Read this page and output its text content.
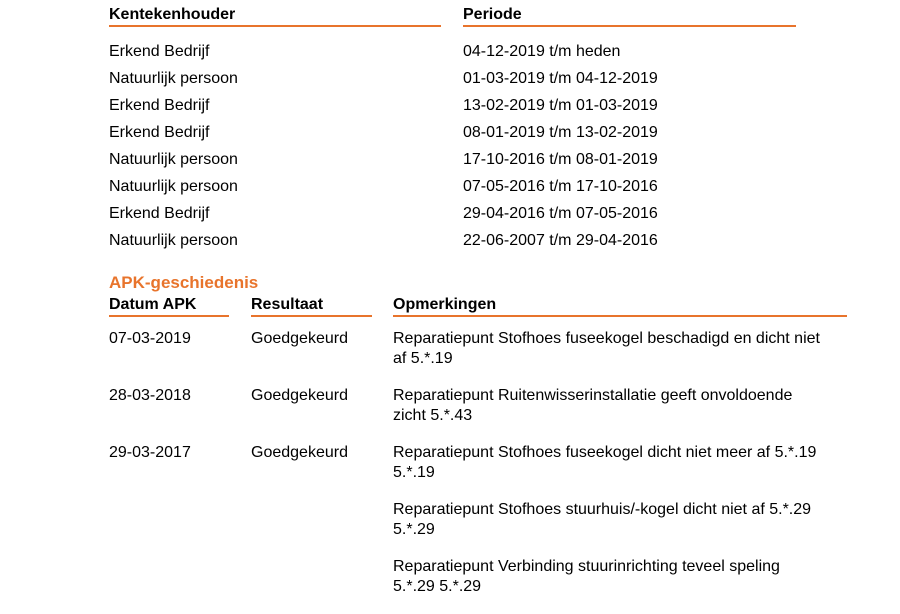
Kentekenhouder	Periode
Erkend Bedrijf	04-12-2019 t/m heden
Natuurlijk persoon	01-03-2019 t/m 04-12-2019
Erkend Bedrijf	13-02-2019 t/m 01-03-2019
Erkend Bedrijf	08-01-2019 t/m 13-02-2019
Natuurlijk persoon	17-10-2016 t/m 08-01-2019
Natuurlijk persoon	07-05-2016 t/m 17-10-2016
Erkend Bedrijf	29-04-2016 t/m 07-05-2016
Natuurlijk persoon	22-06-2007 t/m 29-04-2016
APK-geschiedenis
Datum APK	Resultaat	Opmerkingen
07-03-2019	Goedgekeurd	Reparatiepunt Stofhoes fuseekogel beschadigd en dicht niet
af 5.*.19
28-03-2018	Goedgekeurd	Reparatiepunt Ruitenwisserinstallatie geeft onvoldoende
zicht 5.*.43
29-03-2017	Goedgekeurd	Reparatiepunt Stofhoes fuseekogel dicht niet meer af 5.*.19
5.*.19
Reparatiepunt Stofhoes stuurhuis/-kogel dicht niet af 5.*.29
5.*.29
Reparatiepunt Verbinding stuurinrichting teveel speling
5.*.29 5.*.29
